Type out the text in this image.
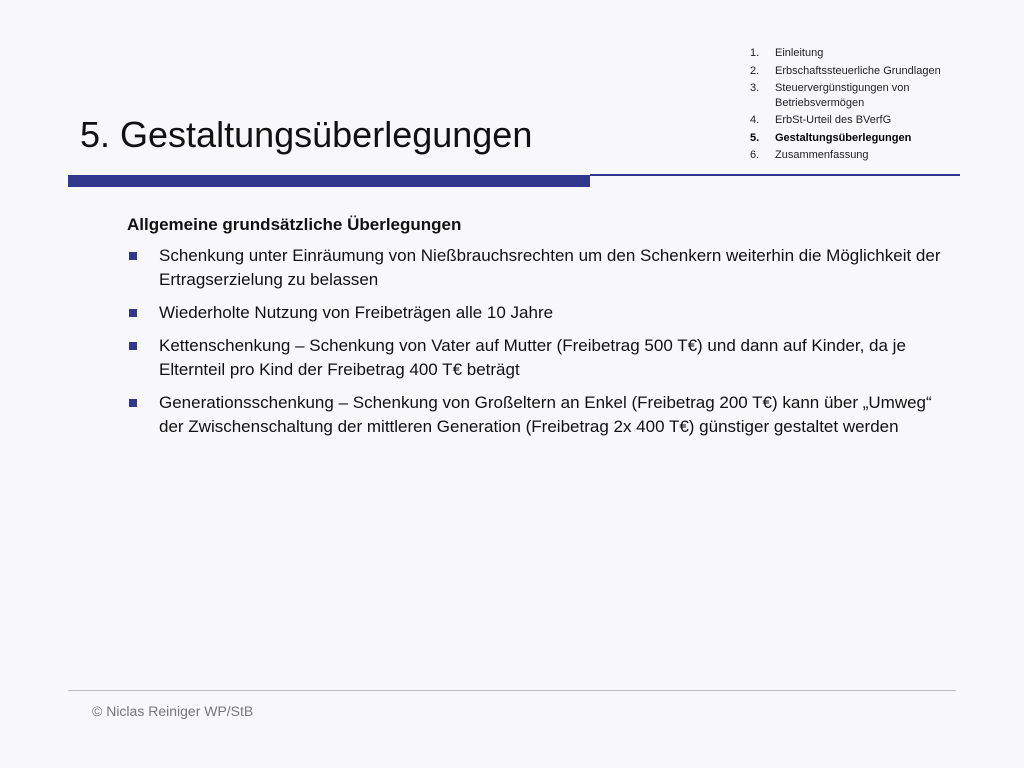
1.	Einleitung
2.	Erbschaftssteuerliche Grundlagen
3.	Steuervergünstigungen von Betriebsvermögen
4.	ErbSt-Urteil des BVerfG
5.	Gestaltungsüberlegungen
6.	Zusammenfassung
5. Gestaltungsüberlegungen
Allgemeine grundsätzliche Überlegungen
Schenkung unter Einräumung von Nießbrauchsrechten um den Schenkern weiterhin die Möglichkeit der Ertragserzielung zu belassen
Wiederholte Nutzung von Freibeträgen alle 10 Jahre
Kettenschenkung – Schenkung von Vater auf Mutter (Freibetrag 500 T€) und dann auf Kinder, da je Elternteil pro Kind der Freibetrag 400 T€ beträgt
Generationsschenkung – Schenkung von Großeltern an Enkel (Freibetrag 200 T€) kann über „Umweg“ der Zwischenschaltung der mittleren Generation (Freibetrag 2x 400 T€) günstiger gestaltet werden
© Niclas Reiniger WP/StB
